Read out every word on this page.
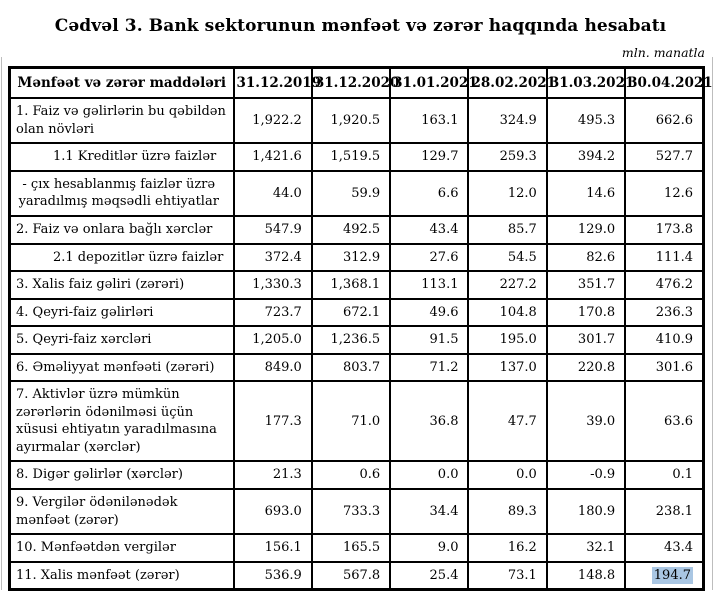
Cədvəl 3. Bank sektorunun mənfəət və zərər haqqında hesabatı
mln. manatla
Mənfəət və zərər maddələri	31.12.2019	31.12.2020	31.01.2021	28.02.2021	31.03.2021	30.04.2021
1. Faiz və gəlirlərin bu qəbildən olan növləri	1,922.2	1,920.5	163.1	324.9	495.3	662.6
1.1 Kreditlər üzrə faizlər	1,421.6	1,519.5	129.7	259.3	394.2	527.7
- çıx hesablanmış faizlər üzrə yaradılmış məqsədli ehtiyatlar	44.0	59.9	6.6	12.0	14.6	12.6
2. Faiz və onlara bağlı xərclər	547.9	492.5	43.4	85.7	129.0	173.8
2.1 depozitlər üzrə faizlər	372.4	312.9	27.6	54.5	82.6	111.4
3. Xalis faiz gəliri (zərəri)	1,330.3	1,368.1	113.1	227.2	351.7	476.2
4. Qeyri-faiz gəlirləri	723.7	672.1	49.6	104.8	170.8	236.3
5. Qeyri-faiz xərcləri	1,205.0	1,236.5	91.5	195.0	301.7	410.9
6. Əməliyyat mənfəəti (zərəri)	849.0	803.7	71.2	137.0	220.8	301.6
7. Aktivlər üzrə mümkün zərərlərin ödənilməsi üçün xüsusi ehtiyatın yaradılmasına ayırmalar (xərclər)	177.3	71.0	36.8	47.7	39.0	63.6
8. Digər gəlirlər (xərclər)	21.3	0.6	0.0	0.0	-0.9	0.1
9. Vergilər ödənilənədək mənfəət (zərər)	693.0	733.3	34.4	89.3	180.9	238.1
10. Mənfəətdən vergilər	156.1	165.5	9.0	16.2	32.1	43.4
11. Xalis mənfəət (zərər)	536.9	567.8	25.4	73.1	148.8	194.7
